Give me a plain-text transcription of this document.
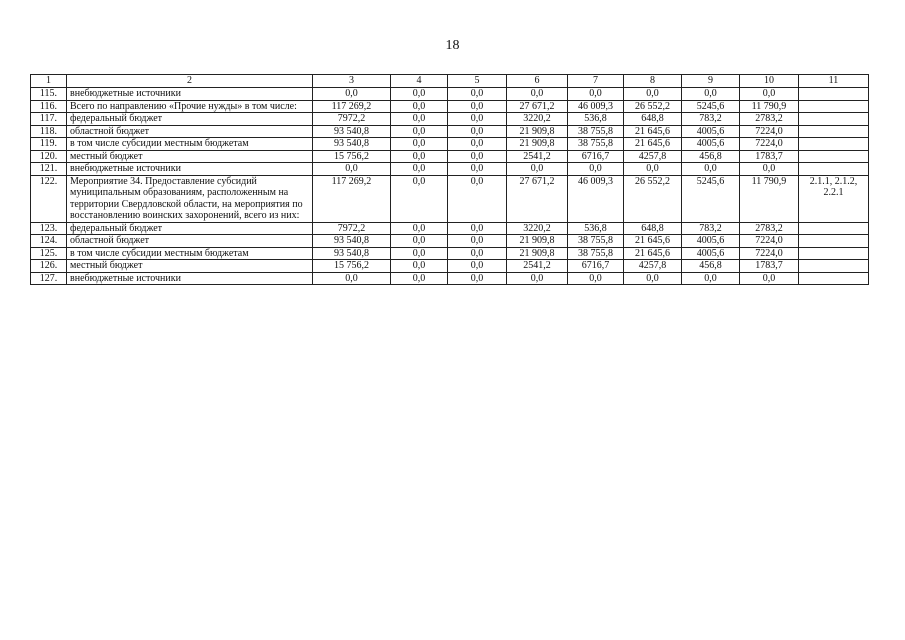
18
1	2	3	4	5	6	7	8	9	10	11
115.	внебюджетные источники	0,0	0,0	0,0	0,0	0,0	0,0	0,0	0,0	
116.	Всего по направлению «Прочие нужды» в том числе:	117 269,2	0,0	0,0	27 671,2	46 009,3	26 552,2	5245,6	11 790,9	
117.	федеральный бюджет	7972,2	0,0	0,0	3220,2	536,8	648,8	783,2	2783,2	
118.	областной бюджет	93 540,8	0,0	0,0	21 909,8	38 755,8	21 645,6	4005,6	7224,0	
119.	в том числе субсидии местным бюджетам	93 540,8	0,0	0,0	21 909,8	38 755,8	21 645,6	4005,6	7224,0	
120.	местный бюджет	15 756,2	0,0	0,0	2541,2	6716,7	4257,8	456,8	1783,7	
121.	внебюджетные источники	0,0	0,0	0,0	0,0	0,0	0,0	0,0	0,0	
122.	Мероприятие 34. Предоставление субсидий муниципальным образованиям, расположенным на территории Свердловской области, на мероприятия по восстановлению воинских захоронений, всего из них:	117 269,2	0,0	0,0	27 671,2	46 009,3	26 552,2	5245,6	11 790,9	2.1.1, 2.1.2, 2.2.1
123.	федеральный бюджет	7972,2	0,0	0,0	3220,2	536,8	648,8	783,2	2783,2	
124.	областной бюджет	93 540,8	0,0	0,0	21 909,8	38 755,8	21 645,6	4005,6	7224,0	
125.	в том числе субсидии местным бюджетам	93 540,8	0,0	0,0	21 909,8	38 755,8	21 645,6	4005,6	7224,0	
126.	местный бюджет	15 756,2	0,0	0,0	2541,2	6716,7	4257,8	456,8	1783,7	
127.	внебюджетные источники	0,0	0,0	0,0	0,0	0,0	0,0	0,0	0,0	
